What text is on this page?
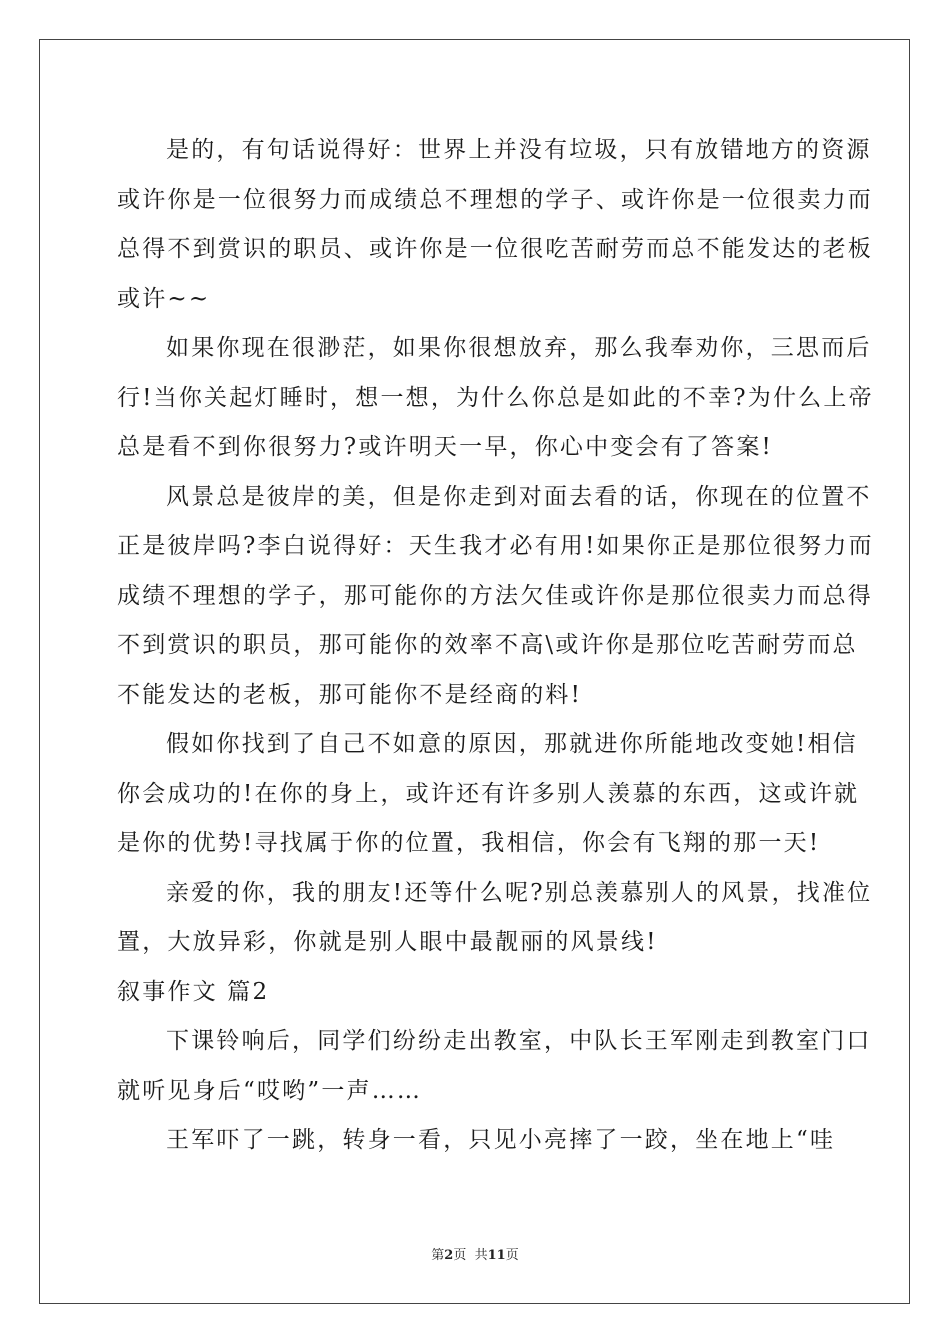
是的，有句话说得好：世界上并没有垃圾，只有放错地方的资源
或许你是一位很努力而成绩总不理想的学子、或许你是一位很卖力而
总得不到赏识的职员、或许你是一位很吃苦耐劳而总不能发达的老板
或许~~
如果你现在很渺茫，如果你很想放弃，那么我奉劝你，三思而后
行!当你关起灯睡时，想一想，为什么你总是如此的不幸?为什么上帝
总是看不到你很努力?或许明天一早，你心中变会有了答案!
风景总是彼岸的美，但是你走到对面去看的话，你现在的位置不
正是彼岸吗?李白说得好：天生我才必有用!如果你正是那位很努力而
成绩不理想的学子，那可能你的方法欠佳或许你是那位很卖力而总得
不到赏识的职员，那可能你的效率不高\或许你是那位吃苦耐劳而总
不能发达的老板，那可能你不是经商的料!
假如你找到了自己不如意的原因，那就进你所能地改变她!相信
你会成功的!在你的身上，或许还有许多别人羡慕的东西，这或许就
是你的优势!寻找属于你的位置，我相信，你会有飞翔的那一天!
亲爱的你，我的朋友!还等什么呢?别总羡慕别人的风景，找准位
置，大放异彩，你就是别人眼中最靓丽的风景线!
叙事作文 篇2
下课铃响后，同学们纷纷走出教室，中队长王军刚走到教室门口
就听见身后“哎哟”一声……
王军吓了一跳，转身一看，只见小亮摔了一跤，坐在地上“哇
第2页  共11页
